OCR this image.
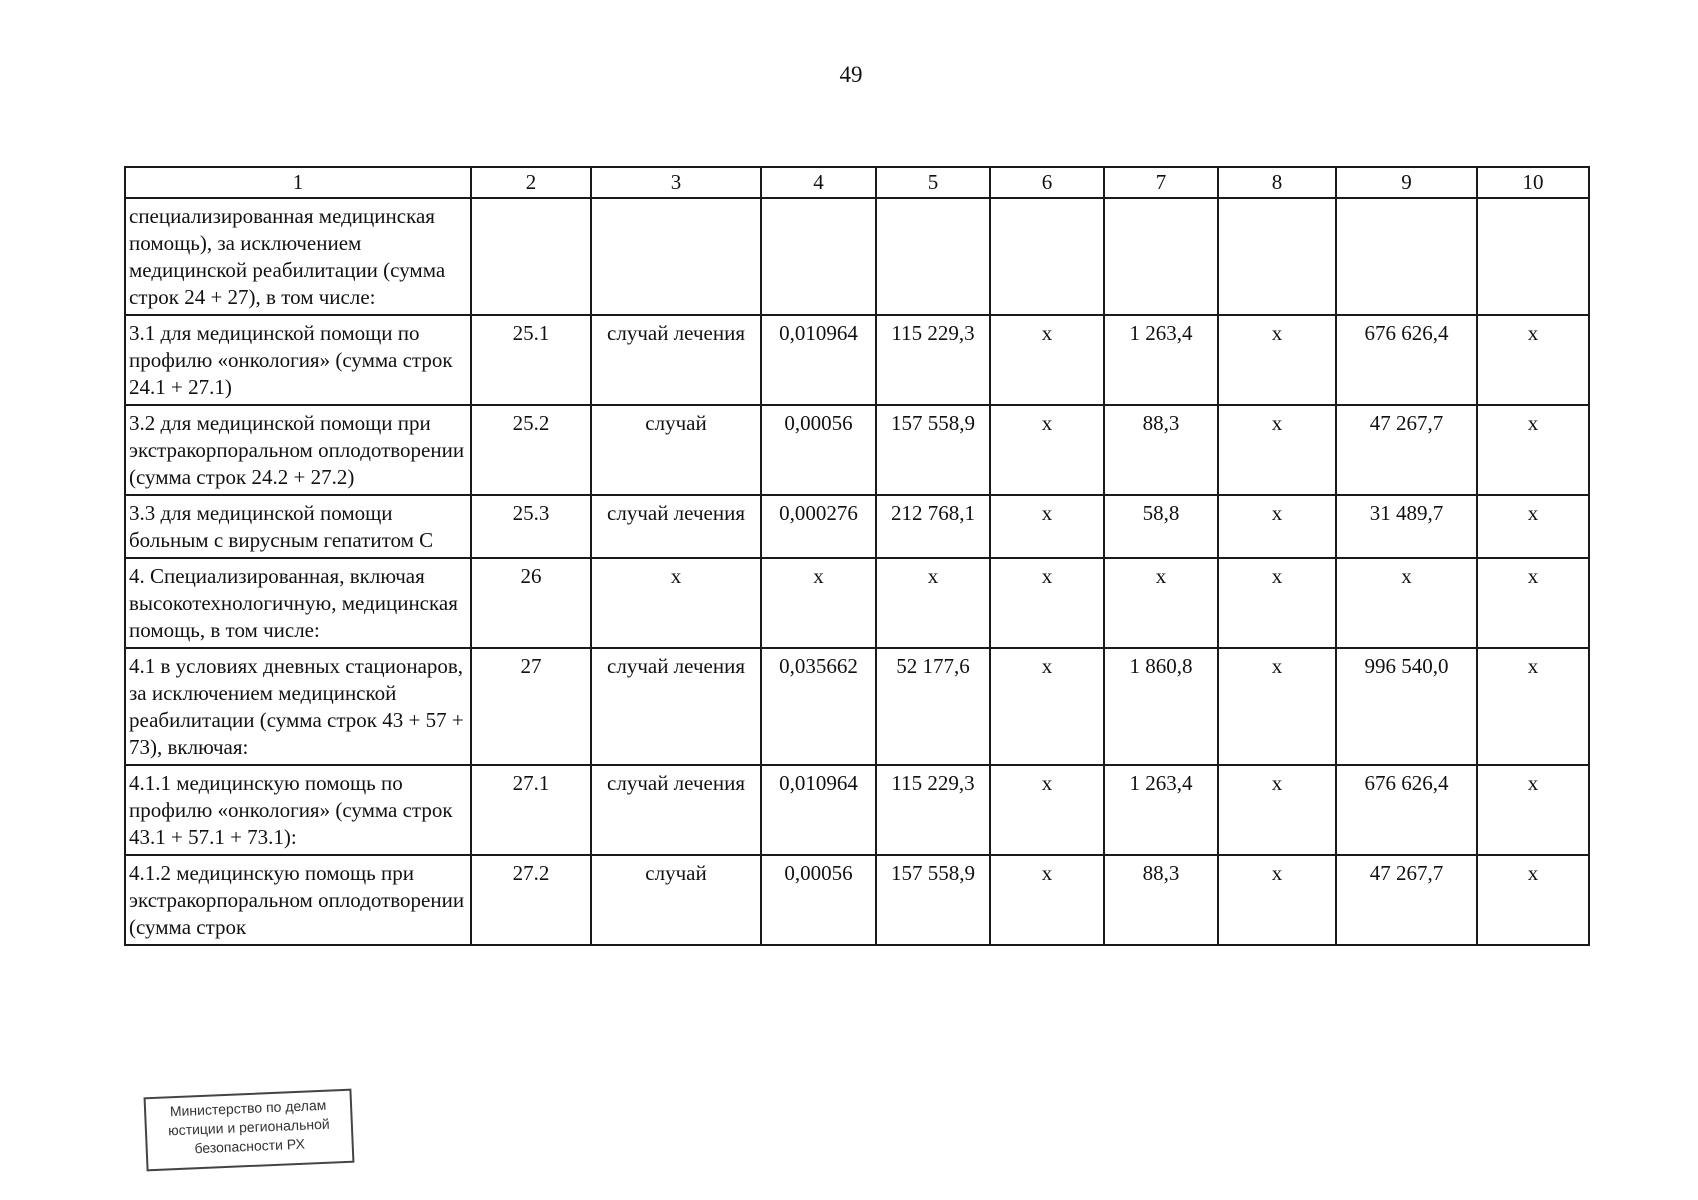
49
1	2	3	4	5	6	7	8	9	10
специализированная медицинская помощь), за исключением медицинской реабилитации (сумма строк 24 + 27), в том числе:									
3.1 для медицинской помощи по профилю «онкология» (сумма строк 24.1 + 27.1)	25.1	случай лечения	0,010964	115 229,3	х	1 263,4	х	676 626,4	х
3.2 для медицинской помощи при экстракорпоральном оплодотворении (сумма строк 24.2 + 27.2)	25.2	случай	0,00056	157 558,9	х	88,3	х	47 267,7	х
3.3 для медицинской помощи больным с вирусным гепатитом С	25.3	случай лечения	0,000276	212 768,1	х	58,8	х	31 489,7	х
4. Специализированная, включая высокотехнологичную, медицинская помощь, в том числе:	26	х	х	х	х	х	х	х	х
4.1 в условиях дневных стационаров, за исключением медицинской реабилитации (сумма строк 43 + 57 + 73), включая:	27	случай лечения	0,035662	52 177,6	х	1 860,8	х	996 540,0	х
4.1.1 медицинскую помощь по профилю «онкология» (сумма строк 43.1 + 57.1 + 73.1):	27.1	случай лечения	0,010964	115 229,3	х	1 263,4	х	676 626,4	х
4.1.2 медицинскую помощь при экстракорпоральном оплодотворении (сумма строк	27.2	случай	0,00056	157 558,9	х	88,3	х	47 267,7	х
Министерство по делам
юстиции и региональной
безопасности РХ
